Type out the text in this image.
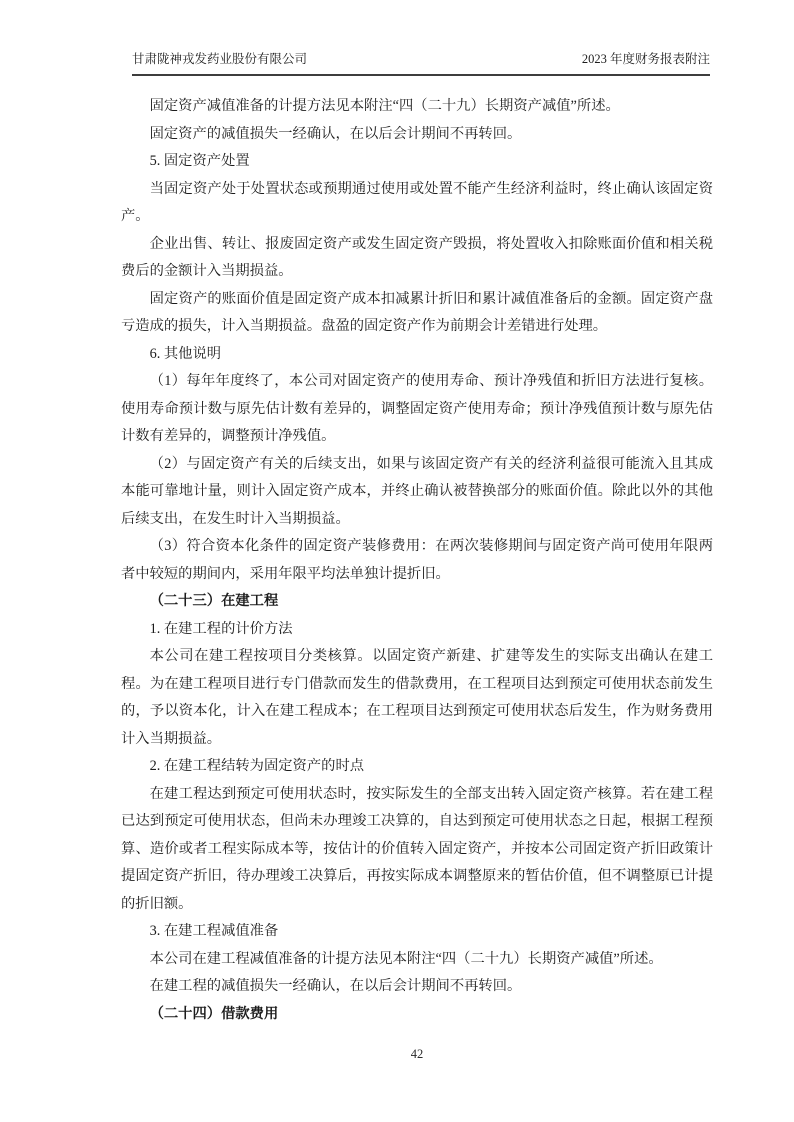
甘肃陇神戎发药业股份有限公司	2023 年度财务报表附注

固定资产减值准备的计提方法见本附注“四（二十九）长期资产减值”所述。

固定资产的减值损失一经确认，在以后会计期间不再转回。

5. 固定资产处置

当固定资产处于处置状态或预期通过使用或处置不能产生经济利益时，终止确认该固定资产。

企业出售、转让、报废固定资产或发生固定资产毁损，将处置收入扣除账面价值和相关税费后的金额计入当期损益。

固定资产的账面价值是固定资产成本扣减累计折旧和累计减值准备后的金额。固定资产盘亏造成的损失，计入当期损益。盘盈的固定资产作为前期会计差错进行处理。

6. 其他说明

（1）每年年度终了，本公司对固定资产的使用寿命、预计净残值和折旧方法进行复核。使用寿命预计数与原先估计数有差异的，调整固定资产使用寿命；预计净残值预计数与原先估计数有差异的，调整预计净残值。

（2）与固定资产有关的后续支出，如果与该固定资产有关的经济利益很可能流入且其成本能可靠地计量，则计入固定资产成本，并终止确认被替换部分的账面价值。除此以外的其他后续支出，在发生时计入当期损益。

（3）符合资本化条件的固定资产装修费用：在两次装修期间与固定资产尚可使用年限两者中较短的期间内，采用年限平均法单独计提折旧。

（二十三）在建工程

1. 在建工程的计价方法

本公司在建工程按项目分类核算。以固定资产新建、扩建等发生的实际支出确认在建工程。为在建工程项目进行专门借款而发生的借款费用，在工程项目达到预定可使用状态前发生的，予以资本化，计入在建工程成本；在工程项目达到预定可使用状态后发生，作为财务费用计入当期损益。

2. 在建工程结转为固定资产的时点

在建工程达到预定可使用状态时，按实际发生的全部支出转入固定资产核算。若在建工程已达到预定可使用状态，但尚未办理竣工决算的，自达到预定可使用状态之日起，根据工程预算、造价或者工程实际成本等，按估计的价值转入固定资产，并按本公司固定资产折旧政策计提固定资产折旧，待办理竣工决算后，再按实际成本调整原来的暂估价值，但不调整原已计提的折旧额。

3. 在建工程减值准备

本公司在建工程减值准备的计提方法见本附注“四（二十九）长期资产减值”所述。

在建工程的减值损失一经确认，在以后会计期间不再转回。

（二十四）借款费用

42
